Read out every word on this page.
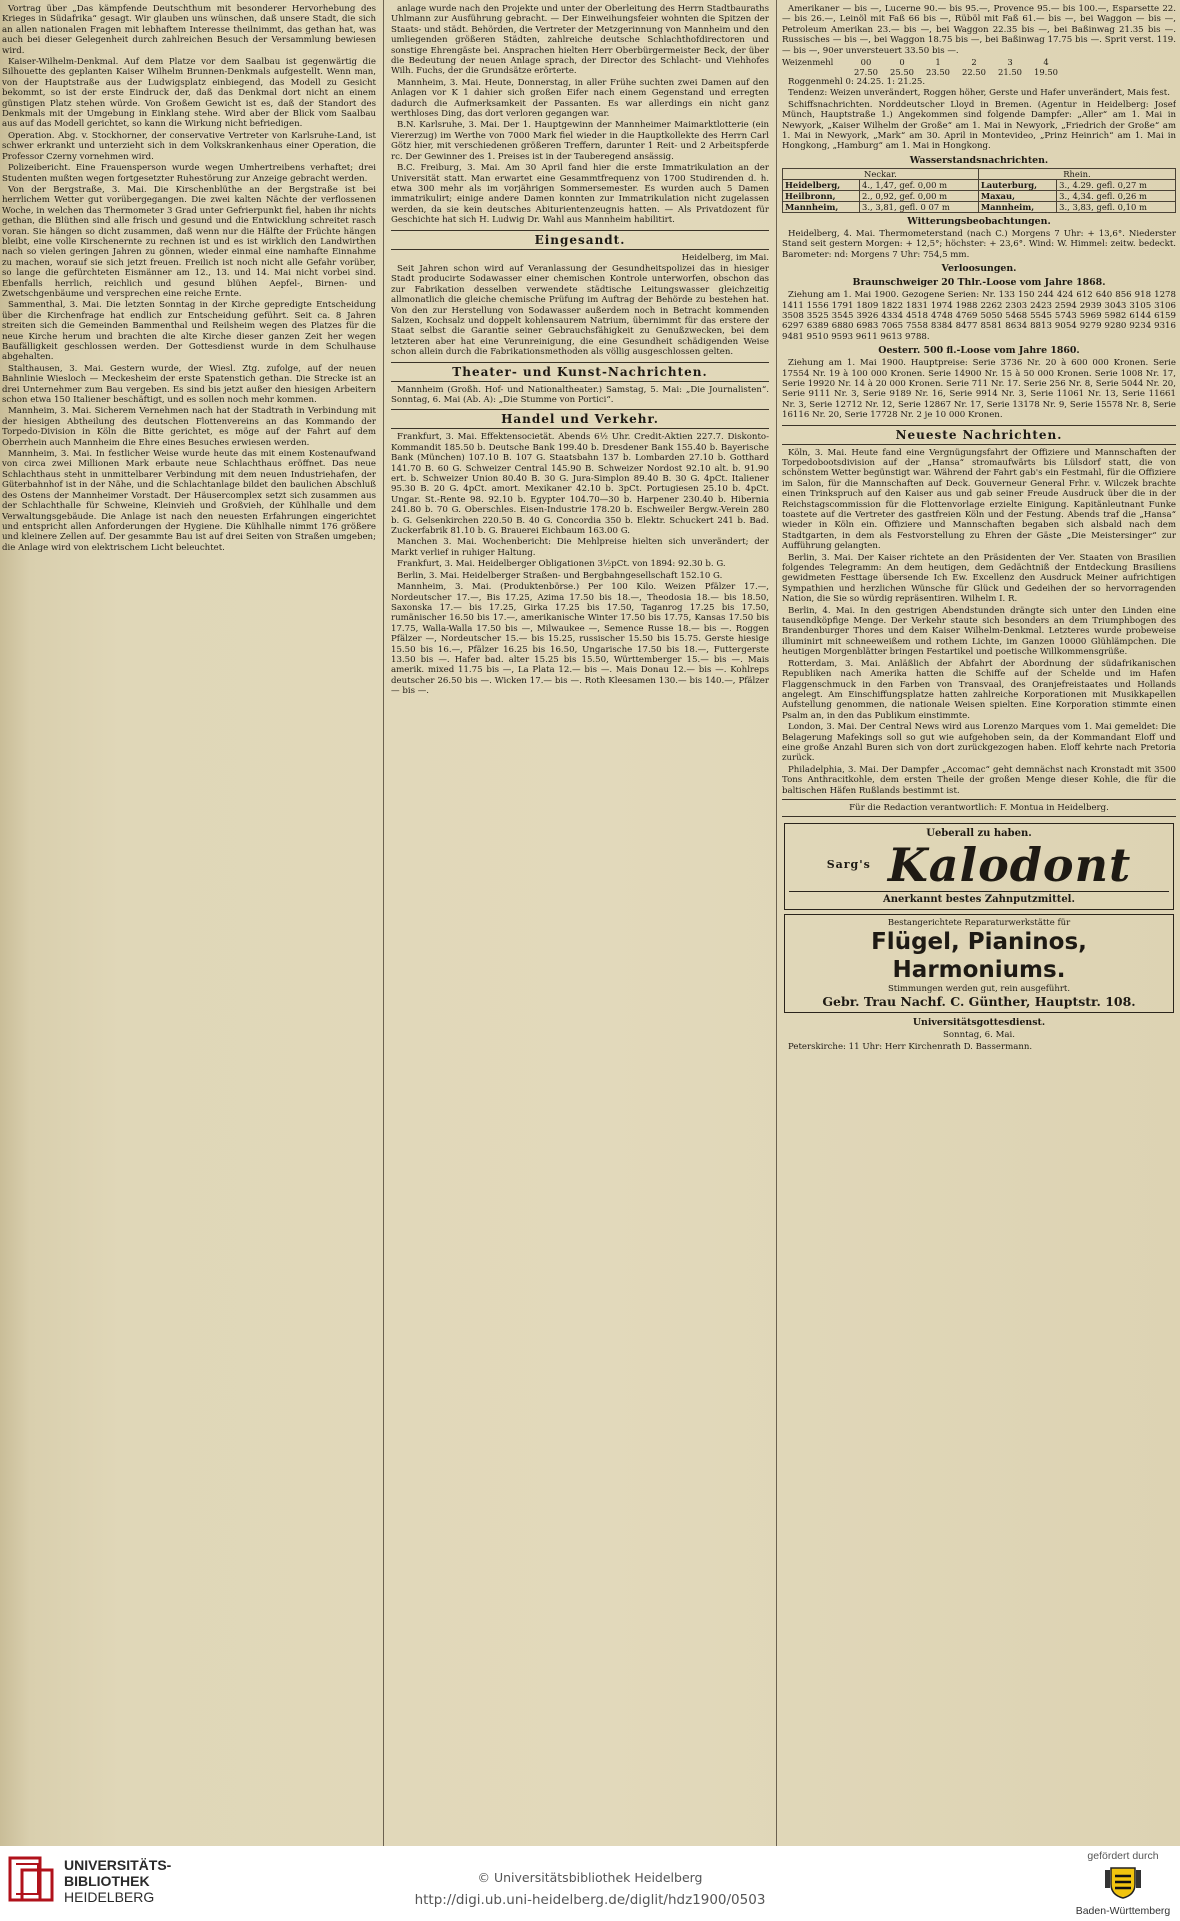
Vortrag über „Das kämpfende Deutschthum mit besonderer Hervorhebung des Krieges in Südafrika“ gesagt. Wir glauben uns wünschen, daß unsere Stadt, die sich an allen nationalen Fragen mit lebhaftem Interesse theilnimmt, das gethan hat, was auch bei dieser Gelegenheit durch zahlreichen Besuch der Versammlung bewiesen wird.

Kaiser-Wilhelm-Denkmal. Auf dem Platze vor dem Saalbau ist gegenwärtig die Silhouette des geplanten Kaiser Wilhelm Brunnen-Denkmals aufgestellt. Wenn man, von der Hauptstraße aus der Ludwigsplatz einbiegend, das Modell zu Gesicht bekommt, so ist der erste Eindruck der, daß das Denkmal dort nicht an einem günstigen Platz stehen würde. Von Großem Gewicht ist es, daß der Standort des Denkmals mit der Umgebung in Einklang stehe. Wird aber der Blick vom Saalbau aus auf das Modell gerichtet, so kann die Wirkung nicht befriedigen.

Operation. Abg. v. Stockhorner, der conservative Vertreter von Karlsruhe-Land, ist schwer erkrankt und unterzieht sich in dem Volkskrankenhaus einer Operation, die Professor Czerny vornehmen wird.

Polizeibericht. Eine Frauensperson wurde wegen Umhertreibens verhaftet; drei Studenten mußten wegen fortgesetzter Ruhestörung zur Anzeige gebracht werden.

Von der Bergstraße, 3. Mai. Die Kirschenblüthe an der Bergstraße ist bei herrlichem Wetter gut vorübergegangen. Die zwei kalten Nächte der verflossenen Woche, in welchen das Thermometer 3 Grad unter Gefrierpunkt fiel, haben ihr nichts gethan, die Blüthen sind alle frisch und gesund und die Entwicklung schreitet rasch voran. Sie hängen so dicht zusammen, daß wenn nur die Hälfte der Früchte hängen bleibt, eine volle Kirschenernte zu rechnen ist und es ist wirklich den Landwirthen nach so vielen geringen Jahren zu gönnen, wieder einmal eine namhafte Einnahme zu machen, worauf sie sich jetzt freuen. Freilich ist noch nicht alle Gefahr vorüber, so lange die gefürchteten Eismänner am 12., 13. und 14. Mai nicht vorbei sind. Ebenfalls herrlich, reichlich und gesund blühen Aepfel-, Birnen- und Zwetschgenbäume und versprechen eine reiche Ernte.

Sammenthal, 3. Mai. Die letzten Sonntag in der Kirche gepredigte Entscheidung über die Kirchenfrage hat endlich zur Entscheidung geführt. Seit ca. 8 Jahren streiten sich die Gemeinden Bammenthal und Reilsheim wegen des Platzes für die neue Kirche herum und brachten die alte Kirche dieser ganzen Zeit her wegen Baufälligkeit geschlossen werden. Der Gottesdienst wurde in dem Schulhause abgehalten.

Stalthausen, 3. Mai. Gestern wurde, der Wiesl. Ztg. zufolge, auf der neuen Bahnlinie Wiesloch — Meckesheim der erste Spatenstich gethan. Die Strecke ist an drei Unternehmer zum Bau vergeben. Es sind bis jetzt außer den hiesigen Arbeitern schon etwa 150 Italiener beschäftigt, und es sollen noch mehr kommen.

Mannheim, 3. Mai. Sicherem Vernehmen nach hat der Stadtrath in Verbindung mit der hiesigen Abtheilung des deutschen Flottenvereins an das Kommando der Torpedo-Division in Köln die Bitte gerichtet, es möge auf der Fahrt auf dem Oberrhein auch Mannheim die Ehre eines Besuches erwiesen werden.

Mannheim, 3. Mai. In festlicher Weise wurde heute das mit einem Kostenaufwand von circa zwei Millionen Mark erbaute neue Schlachthaus eröffnet. Das neue Schlachthaus steht in unmittelbarer Verbindung mit dem neuen Industriehafen, der Güterbahnhof ist in der Nähe, und die Schlachtanlage bildet den baulichen Abschluß des Ostens der Mannheimer Vorstadt. Der Häusercomplex setzt sich zusammen aus der Schlachthalle für Schweine, Kleinvieh und Großvieh, der Kühlhalle und dem Verwaltungsgebäude. Die Anlage ist nach den neuesten Erfahrungen eingerichtet und entspricht allen Anforderungen der Hygiene. Die Kühlhalle nimmt 176 größere und kleinere Zellen auf. Der gesammte Bau ist auf drei Seiten von Straßen umgeben; die Anlage wird von elektrischem Licht beleuchtet.

anlage wurde nach den Projekte und unter der Oberleitung des Herrn Stadtbauraths Uhlmann zur Ausführung gebracht. — Der Einweihungsfeier wohnten die Spitzen der Staats- und städt. Behörden, die Vertreter der Metzgerinnung von Mannheim und den umliegenden größeren Städten, zahlreiche deutsche Schlachthofdirectoren und sonstige Ehrengäste bei. Ansprachen hielten Herr Oberbürgermeister Beck, der über die Bedeutung der neuen Anlage sprach, der Director des Schlacht- und Viehhofes Wilh. Fuchs, der die Grundsätze erörterte.

Mannheim, 3. Mai. Heute, Donnerstag, in aller Frühe suchten zwei Damen auf den Anlagen vor K 1 dahier sich großen Eifer nach einem Gegenstand und erregten dadurch die Aufmerksamkeit der Passanten. Es war allerdings ein nicht ganz werthloses Ding, das dort verloren gegangen war.

B.N. Karlsruhe, 3. Mai. Der 1. Hauptgewinn der Mannheimer Maimarktlotterie (ein Viererzug) im Werthe von 7000 Mark fiel wieder in die Hauptkollekte des Herrn Carl Götz hier, mit verschiedenen größeren Treffern, darunter 1 Reit- und 2 Arbeitspferde rc. Der Gewinner des 1. Preises ist in der Tauberegend ansässig.

B.C. Freiburg, 3. Mai. Am 30 April fand hier die erste Immatrikulation an der Universität statt. Man erwartet eine Gesammtfrequenz von 1700 Studirenden d. h. etwa 300 mehr als im vorjährigen Sommersemester. Es wurden auch 5 Damen immatrikulirt; einige andere Damen konnten zur Immatrikulation nicht zugelassen werden, da sie kein deutsches Abiturientenzeugnis hatten. — Als Privatdozent für Geschichte hat sich H. Ludwig Dr. Wahl aus Mannheim habilitirt.

Eingesandt.

Heidelberg, im Mai.

Seit Jahren schon wird auf Veranlassung der Gesundheitspolizei das in hiesiger Stadt producirte Sodawasser einer chemischen Kontrole unterworfen, obschon das zur Fabrikation desselben verwendete städtische Leitungswasser gleichzeitig allmonatlich die gleiche chemische Prüfung im Auftrag der Behörde zu bestehen hat. Von den zur Herstellung von Sodawasser außerdem noch in Betracht kommenden Salzen, Kochsalz und doppelt kohlensaurem Natrium, übernimmt für das erstere der Staat selbst die Garantie seiner Gebrauchsfähigkeit zu Genußzwecken, bei dem letzteren aber hat eine Verunreinigung, die eine Gesundheit schädigenden Weise schon allein durch die Fabrikationsmethoden als völlig ausgeschlossen gelten.

Theater- und Kunst-Nachrichten.

Mannheim (Großh. Hof- und Nationaltheater.) Samstag, 5. Mai: „Die Journalisten“. Sonntag, 6. Mai (Ab. A): „Die Stumme von Portici“.

Handel und Verkehr.

Frankfurt, 3. Mai. Effektensocietät. Abends 6½ Uhr. Credit-Aktien 227.7. Diskonto-Kommandit 185.50 b. Deutsche Bank 199.40 b. Dresdener Bank 155.40 b. Bayerische Bank (München) 107.10 B. 107 G. Staatsbahn 137 b. Lombarden 27.10 b. Gotthard 141.70 B. 60 G. Schweizer Central 145.90 B. Schweizer Nordost 92.10 alt. b. 91.90 ert. b. Schweizer Union 80.40 B. 30 G. Jura-Simplon 89.40 B. 30 G. 4pCt. Italiener 95.30 B. 20 G. 4pCt. amort. Mexikaner 42.10 b. 3pCt. Portugiesen 25.10 b. 4pCt. Ungar. St.-Rente 98. 92.10 b. Egypter 104.70—30 b. Harpener 230.40 b. Hibernia 241.80 b. 70 G. Oberschles. Eisen-Industrie 178.20 b. Eschweiler Bergw.-Verein 280 b. G. Gelsenkirchen 220.50 B. 40 G. Concordia 350 b. Elektr. Schuckert 241 b. Bad. Zuckerfabrik 81.10 b. G. Brauerei Eichbaum 163.00 G.

Manchen 3. Mai. Wochenbericht: Die Mehlpreise hielten sich unverändert; der Markt verlief in ruhiger Haltung.

Frankfurt, 3. Mai. Heidelberger Obligationen 3½pCt. von 1894: 92.30 b. G.

Berlin, 3. Mai. Heidelberger Straßen- und Bergbahngesellschaft 152.10 G.

Mannheim, 3. Mai. (Produktenbörse.) Per 100 Kilo. Weizen Pfälzer 17.—, Nordeutscher 17.—, Bis 17.25, Azima 17.50 bis 18.—, Theodosia 18.— bis 18.50, Saxonska 17.— bis 17.25, Girka 17.25 bis 17.50, Taganrog 17.25 bis 17.50, rumänischer 16.50 bis 17.—, amerikanische Winter 17.50 bis 17.75, Kansas 17.50 bis 17.75, Walla-Walla 17.50 bis —, Milwaukee —, Semence Russe 18.— bis —. Roggen Pfälzer —, Nordeutscher 15.— bis 15.25, russischer 15.50 bis 15.75. Gerste hiesige 15.50 bis 16.—, Pfälzer 16.25 bis 16.50, Ungarische 17.50 bis 18.—, Futtergerste 13.50 bis —. Hafer bad. alter 15.25 bis 15.50, Württemberger 15.— bis —. Mais amerik. mixed 11.75 bis —, La Plata 12.— bis —. Mais Donau 12.— bis —. Kohlreps deutscher 26.50 bis —. Wicken 17.— bis —. Roth Kleesamen 130.— bis 140.—, Pfälzer — bis —.

Amerikaner — bis —, Lucerne 90.— bis 95.—, Provence 95.— bis 100.—, Esparsette 22.— bis 26.—, Leinöl mit Faß 66 bis —, Rüböl mit Faß 61.— bis —, bei Waggon — bis —, Petroleum Amerikan 23.— bis —, bei Waggon 22.35 bis —, bei Baßinwag 21.35 bis —. Russisches — bis —, bei Waggon 18.75 bis —, bei Baßinwag 17.75 bis —. Sprit verst. 119.— bis —, 90er unversteuert 33.50 bis —.

Weizenmehl	00	0	1	2	3	4
27.50 25.50 23.50 22.50 21.50 19.50

Roggenmehl 0: 24.25. 1: 21.25.

Tendenz: Weizen unverändert, Roggen höher, Gerste und Hafer unverändert, Mais fest.

Schiffsnachrichten. Norddeutscher Lloyd in Bremen. (Agentur in Heidelberg: Josef Münch, Hauptstraße 1.) Angekommen sind folgende Dampfer: „Aller“ am 1. Mai in Newyork, „Kaiser Wilhelm der Große“ am 1. Mai in Newyork, „Friedrich der Große“ am 1. Mai in Newyork, „Mark“ am 30. April in Montevideo, „Prinz Heinrich“ am 1. Mai in Hongkong, „Hamburg“ am 1. Mai in Hongkong.

Wasserstandsnachrichten.
Neckar.		Rhein.	
Heidelberg,	4., 1,47, gef. 0,00 m	Lauterburg,	3., 4.29. gefl. 0,27 m
Heilbronn,	2., 0,92, gef. 0,00 m	Maxau,	3., 4,34. gefl. 0,26 m
Mannheim,	3., 3,81, gefl. 0 07 m	Mannheim,	3., 3,83, gefl. 0,10 m
Witterungsbeobachtungen.

Heidelberg, 4. Mai. Thermometerstand (nach C.) Morgens 7 Uhr: + 13,6°. Niederster Stand seit gestern Morgen: + 12,5°; höchster: + 23,6°. Wind: W. Himmel: zeitw. bedeckt. Barometer: nd: Morgens 7 Uhr: 754,5 mm.

Verloosungen.
Braunschweiger 20 Thlr.-Loose vom Jahre 1868.

Ziehung am 1. Mai 1900. Gezogene Serien: Nr. 133 150 244 424 612 640 856 918 1278 1411 1556 1791 1809 1822 1831 1974 1988 2262 2303 2423 2594 2939 3043 3105 3106 3508 3525 3545 3926 4334 4518 4748 4769 5050 5468 5545 5743 5969 5982 6144 6159 6297 6389 6880 6983 7065 7558 8384 8477 8581 8634 8813 9054 9279 9280 9234 9316 9481 9510 9593 9611 9613 9788.

Oesterr. 500 fl.-Loose vom Jahre 1860.

Ziehung am 1. Mai 1900. Hauptpreise: Serie 3736 Nr. 20 à 600 000 Kronen. Serie 17554 Nr. 19 à 100 000 Kronen. Serie 14900 Nr. 15 à 50 000 Kronen. Serie 1008 Nr. 17, Serie 19920 Nr. 14 à 20 000 Kronen. Serie 711 Nr. 17. Serie 256 Nr. 8, Serie 5044 Nr. 20, Serie 9111 Nr. 3, Serie 9189 Nr. 16, Serie 9914 Nr. 3, Serie 11061 Nr. 13, Serie 11661 Nr. 3, Serie 12712 Nr. 12, Serie 12867 Nr. 17, Serie 13178 Nr. 9, Serie 15578 Nr. 8, Serie 16116 Nr. 20, Serie 17728 Nr. 2 je 10 000 Kronen.

Neueste Nachrichten.

Köln, 3. Mai. Heute fand eine Vergnügungsfahrt der Offiziere und Mannschaften der Torpedobootsdivision auf der „Hansa“ stromaufwärts bis Lülsdorf statt, die von schönstem Wetter begünstigt war. Während der Fahrt gab's ein Festmahl, für die Offiziere im Salon, für die Mannschaften auf Deck. Gouverneur General Frhr. v. Wilczek brachte einen Trinkspruch auf den Kaiser aus und gab seiner Freude Ausdruck über die in der Reichstagscommission für die Flottenvorlage erzielte Einigung. Kapitänleutnant Funke toastete auf die Vertreter des gastfreien Köln und der Festung. Abends traf die „Hansa“ wieder in Köln ein. Offiziere und Mannschaften begaben sich alsbald nach dem Stadtgarten, in dem als Festvorstellung zu Ehren der Gäste „Die Meistersinger“ zur Aufführung gelangten.

Berlin, 3. Mai. Der Kaiser richtete an den Präsidenten der Ver. Staaten von Brasilien folgendes Telegramm: An dem heutigen, dem Gedächtniß der Entdeckung Brasiliens gewidmeten Festtage übersende Ich Ew. Excellenz den Ausdruck Meiner aufrichtigen Sympathien und herzlichen Wünsche für Glück und Gedeihen der so hervorragenden Nation, die Sie so würdig repräsentiren. Wilhelm I. R.

Berlin, 4. Mai. In den gestrigen Abendstunden drängte sich unter den Linden eine tausendköpfige Menge. Der Verkehr staute sich besonders an dem Triumphbogen des Brandenburger Thores und dem Kaiser Wilhelm-Denkmal. Letzteres wurde probeweise illuminirt mit schneeweißem und rothem Lichte, im Ganzen 10000 Glühlämpchen. Die heutigen Morgenblätter bringen Festartikel und poetische Willkommensgrüße.

Rotterdam, 3. Mai. Anläßlich der Abfahrt der Abordnung der südafrikanischen Republiken nach Amerika hatten die Schiffe auf der Schelde und im Hafen Flaggenschmuck in den Farben von Transvaal, des Oranjefreistaates und Hollands angelegt. Am Einschiffungsplatze hatten zahlreiche Korporationen mit Musikkapellen Aufstellung genommen, die nationale Weisen spielten. Eine Korporation stimmte einen Psalm an, in den das Publikum einstimmte.

London, 3. Mai. Der Central News wird aus Lorenzo Marques vom 1. Mai gemeldet: Die Belagerung Mafekings soll so gut wie aufgehoben sein, da der Kommandant Eloff und eine große Anzahl Buren sich von dort zurückgezogen haben. Eloff kehrte nach Pretoria zurück.

Philadelphia, 3. Mai. Der Dampfer „Accomac“ geht demnächst nach Kronstadt mit 3500 Tons Anthracitkohle, dem ersten Theile der großen Menge dieser Kohle, die für die baltischen Häfen Rußlands bestimmt ist.

Für die Redaction verantwortlich: F. Montua in Heidelberg.

Ueberall zu haben.
$^{Sarg's}$ Kalodont
Anerkannt bestes Zahnputzmittel.
Bestangerichtete Reparaturwerkstätte für
Flügel, Pianinos, Harmoniums.
Stimmungen werden gut, rein ausgeführt.
Gebr. Trau Nachf. C. Günther, Hauptstr. 108.
Universitätsgottesdienst.

Sonntag, 6. Mai.

Peterskirche: 11 Uhr: Herr Kirchenrath D. Bassermann.

UNIVERSITÄTS-
BIBLIOTHEK
HEIDELBERG
© Universitätsbibliothek Heidelberg
http://digi.ub.uni-heidelberg.de/diglit/hdz1900/0503
gefördert durch
Baden-Württemberg
